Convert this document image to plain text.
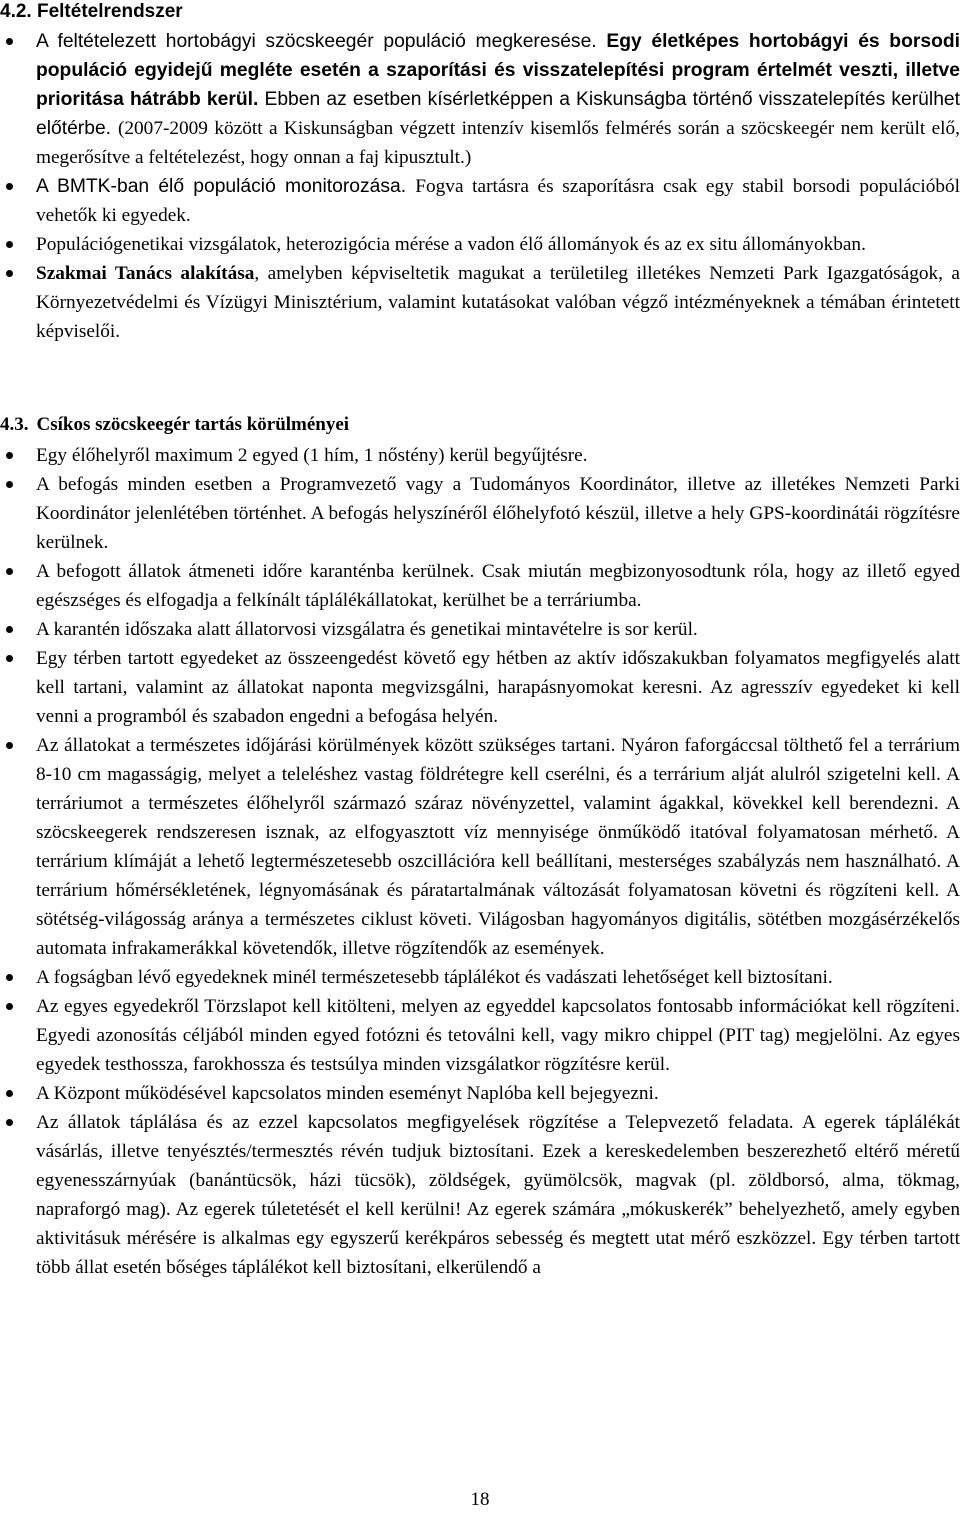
4.2. Feltételrendszer
A feltételezett hortobágyi szöcskeegér populáció megkeresése. Egy életképes hortobágyi és borsodi populáció egyidejű megléte esetén a szaporítási és visszatelepítési program értelmét veszti, illetve prioritása hátrább kerül. Ebben az esetben kísérletképpen a Kiskunságba történő visszatelepítés kerülhet előtérbe. (2007-2009 között a Kiskunságban végzett intenzív kisemlős felmérés során a szöcskeegér nem került elő, megerősítve a feltételezést, hogy onnan a faj kipusztult.)
A BMTK-ban élő populáció monitorozása. Fogva tartásra és szaporításra csak egy stabil borsodi populációból vehetők ki egyedek.
Populációgenetikai vizsgálatok, heterozigócia mérése a vadon élő állományok és az ex situ állományokban.
Szakmai Tanács alakítása, amelyben képviseltetik magukat a területileg illetékes Nemzeti Park Igazgatóságok, a Környezetvédelmi és Vízügyi Minisztérium, valamint kutatásokat valóban végző intézményeknek a témában érintetett képviselői.
4.3. Csíkos szöcskeegér tartás körülményei
Egy élőhelyről maximum 2 egyed (1 hím, 1 nőstény) kerül begyűjtésre.
A befogás minden esetben a Programvezető vagy a Tudományos Koordinátor, illetve az illetékes Nemzeti Parki Koordinátor jelenlétében történhet. A befogás helyszínéről élőhelyfotó készül, illetve a hely GPS-koordinátái rögzítésre kerülnek.
A befogott állatok átmeneti időre karanténba kerülnek. Csak miután megbizonyosodtunk róla, hogy az illető egyed egészséges és elfogadja a felkínált táplálékállatokat, kerülhet be a terráriumba.
A karantén időszaka alatt állatorvosi vizsgálatra és genetikai mintavételre is sor kerül.
Egy térben tartott egyedeket az összeengedést követő egy hétben az aktív időszakukban folyamatos megfigyelés alatt kell tartani, valamint az állatokat naponta megvizsgálni, harapásnyomokat keresni. Az agresszív egyedeket ki kell venni a programból és szabadon engedni a befogása helyén.
Az állatokat a természetes időjárási körülmények között szükséges tartani. Nyáron faforgáccsal tölthető fel a terrárium 8-10 cm magasságig, melyet a teleléshez vastag földrétegre kell cserélni, és a terrárium alját alulról szigetelni kell. A terráriumot a természetes élőhelyről származó száraz növényzettel, valamint ágakkal, kövekkel kell berendezni. A szöcskeegerek rendszeresen isznak, az elfogyasztott víz mennyisége önműködő itatóval folyamatosan mérhető. A terrárium klímáját a lehető legtermészetesebb oszcillációra kell beállítani, mesterséges szabályzás nem használható. A terrárium hőmérsékletének, légnyomásának és páratartalmának változását folyamatosan követni és rögzíteni kell. A sötétség-világosság aránya a természetes ciklust követi. Világosban hagyományos digitális, sötétben mozgásérzékelős automata infrakamerákkal követendők, illetve rögzítendők az események.
A fogságban lévő egyedeknek minél természetesebb táplálékot és vadászati lehetőséget kell biztosítani.
Az egyes egyedekről Törzslapot kell kitölteni, melyen az egyeddel kapcsolatos fontosabb információkat kell rögzíteni. Egyedi azonosítás céljából minden egyed fotózni és tetoválni kell, vagy mikro chippel (PIT tag) megjelölni. Az egyes egyedek testhossza, farokhossza és testsúlya minden vizsgálatkor rögzítésre kerül.
A Központ működésével kapcsolatos minden eseményt Naplóba kell bejegyezni.
Az állatok táplálása és az ezzel kapcsolatos megfigyelések rögzítése a Telepvezető feladata. A egerek táplálékát vásárlás, illetve tenyésztés/termesztés révén tudjuk biztosítani. Ezek a kereskedelemben beszerezhető eltérő méretű egyenesszárnyúak (banántücsök, házi tücsök), zöldségek, gyümölcsök, magvak (pl. zöldborsó, alma, tökmag, napraforgó mag). Az egerek túletetését el kell kerülni! Az egerek számára „mókuskerék” behelyezhető, amely egyben aktivitásuk mérésére is alkalmas egy egyszerű kerékpáros sebesség és megtett utat mérő eszközzel. Egy térben tartott több állat esetén bőséges táplálékot kell biztosítani, elkerülendő a
18
